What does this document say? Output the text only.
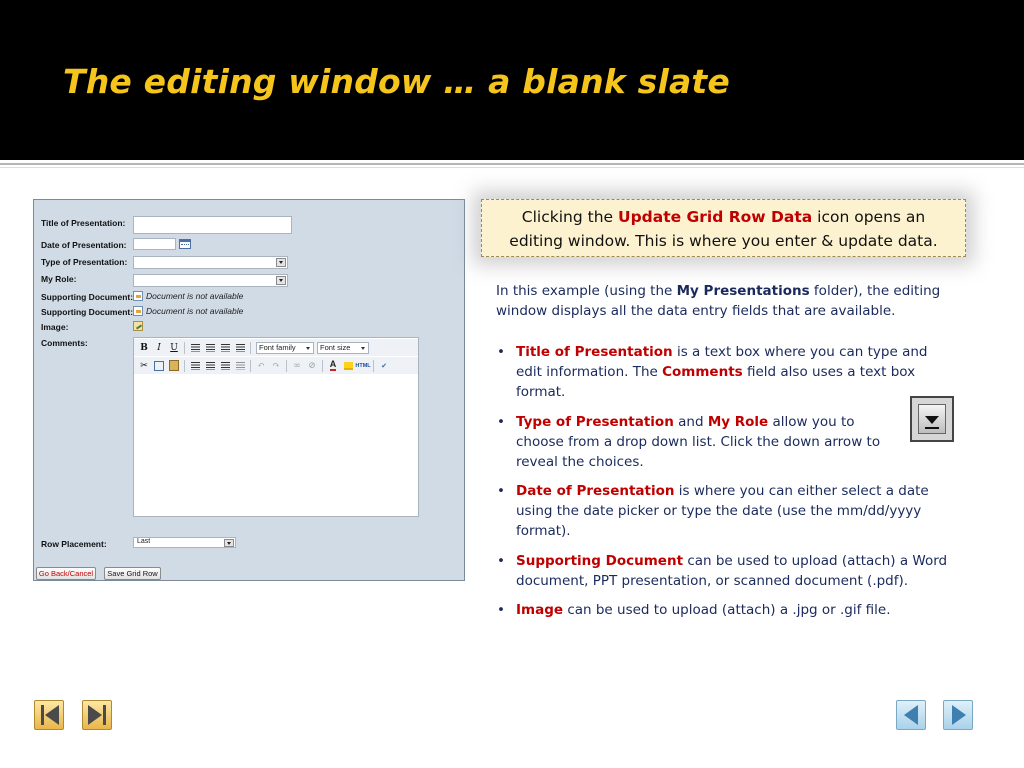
The editing window … a blank slate
Title of Presentation:
Date of Presentation:
Type of Presentation:
My Role:
Supporting Document: Document is not available
Supporting Document: Document is not available
Image:
Comments:	B	I	U	Font family	Font size
✂	↶ ↷ ∞ ⊘ A	HTML ✔
Row Placement:	Last
Go Back/Cancel	Save Grid Row
Clicking the Update Grid Row Data icon opens an
editing window. This is where you enter & update data.
In this example (using the My Presentations folder), the editing window displays all the data entry fields that are available.
• Title of Presentation is a text box where you can type and edit information. The Comments field also uses a text box format.
• Type of Presentation and My Role allow you to choose from a drop down list. Click the down arrow to reveal the choices.
• Date of Presentation is where you can either select a date using the date picker or type the date (use the mm/dd/yyyy format).
• Supporting Document can be used to upload (attach) a Word document, PPT presentation, or scanned document (.pdf).
• Image can be used to upload (attach) a .jpg or .gif file.
